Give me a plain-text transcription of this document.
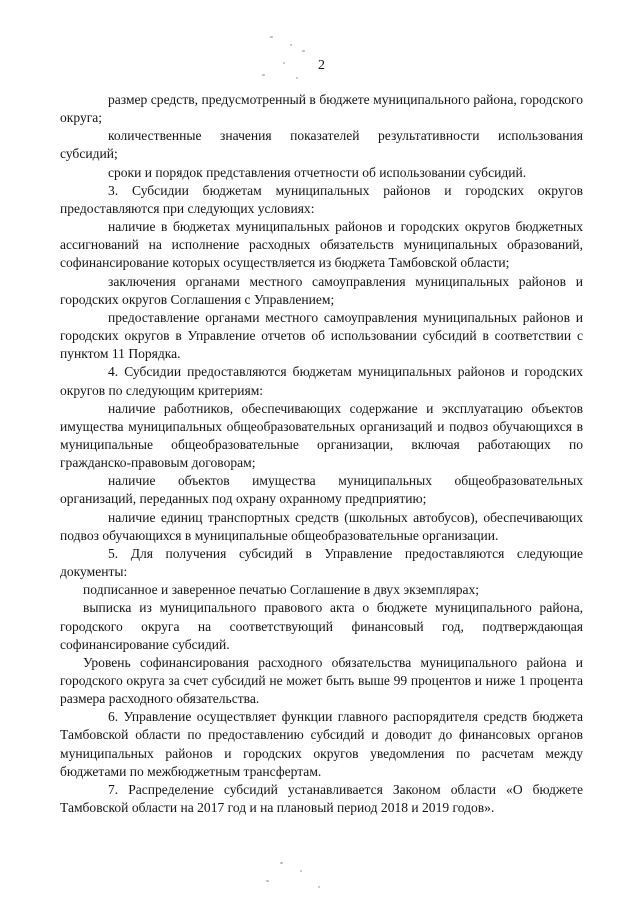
2

размер средств, предусмотренный в бюджете муниципального района, городского округа;

количественные значения показателей результативности использования субсидий;

сроки и порядок представления отчетности об использовании субсидий.

3. Субсидии бюджетам муниципальных районов и городских округов предоставляются при следующих условиях:

наличие в бюджетах муниципальных районов и городских округов бюджетных ассигнований на исполнение расходных обязательств муниципальных образований, софинансирование которых осуществляется из бюджета Тамбовской области;

заключения органами местного самоуправления муниципальных районов и городских округов Соглашения с Управлением;

предоставление органами местного самоуправления муниципальных районов и городских округов в Управление отчетов об использовании субсидий в соответствии с пунктом 11 Порядка.

4. Субсидии предоставляются бюджетам муниципальных районов и городских округов по следующим критериям:

наличие работников, обеспечивающих содержание и эксплуатацию объектов имущества муниципальных общеобразовательных организаций и подвоз обучающихся в муниципальные общеобразовательные организации, включая работающих по гражданско-правовым договорам;

наличие объектов имущества муниципальных общеобразовательных организаций, переданных под охрану охранному предприятию;

наличие единиц транспортных средств (школьных автобусов), обеспечивающих подвоз обучающихся в муниципальные общеобразовательные организации.

5. Для получения субсидий в Управление предоставляются следующие документы:

подписанное и заверенное печатью Соглашение в двух экземплярах;

выписка из муниципального правового акта о бюджете муниципального района, городского округа на соответствующий финансовый год, подтверждающая софинансирование субсидий.

Уровень софинансирования расходного обязательства муниципального района и городского округа за счет субсидий не может быть выше 99 процентов и ниже 1 процента размера расходного обязательства.

6. Управление осуществляет функции главного распорядителя средств бюджета Тамбовской области по предоставлению субсидий и доводит до финансовых органов муниципальных районов и городских округов уведомления по расчетам между бюджетами по межбюджетным трансфертам.

7. Распределение субсидий устанавливается Законом области «О бюджете Тамбовской области на 2017 год и на плановый период 2018 и 2019 годов».
